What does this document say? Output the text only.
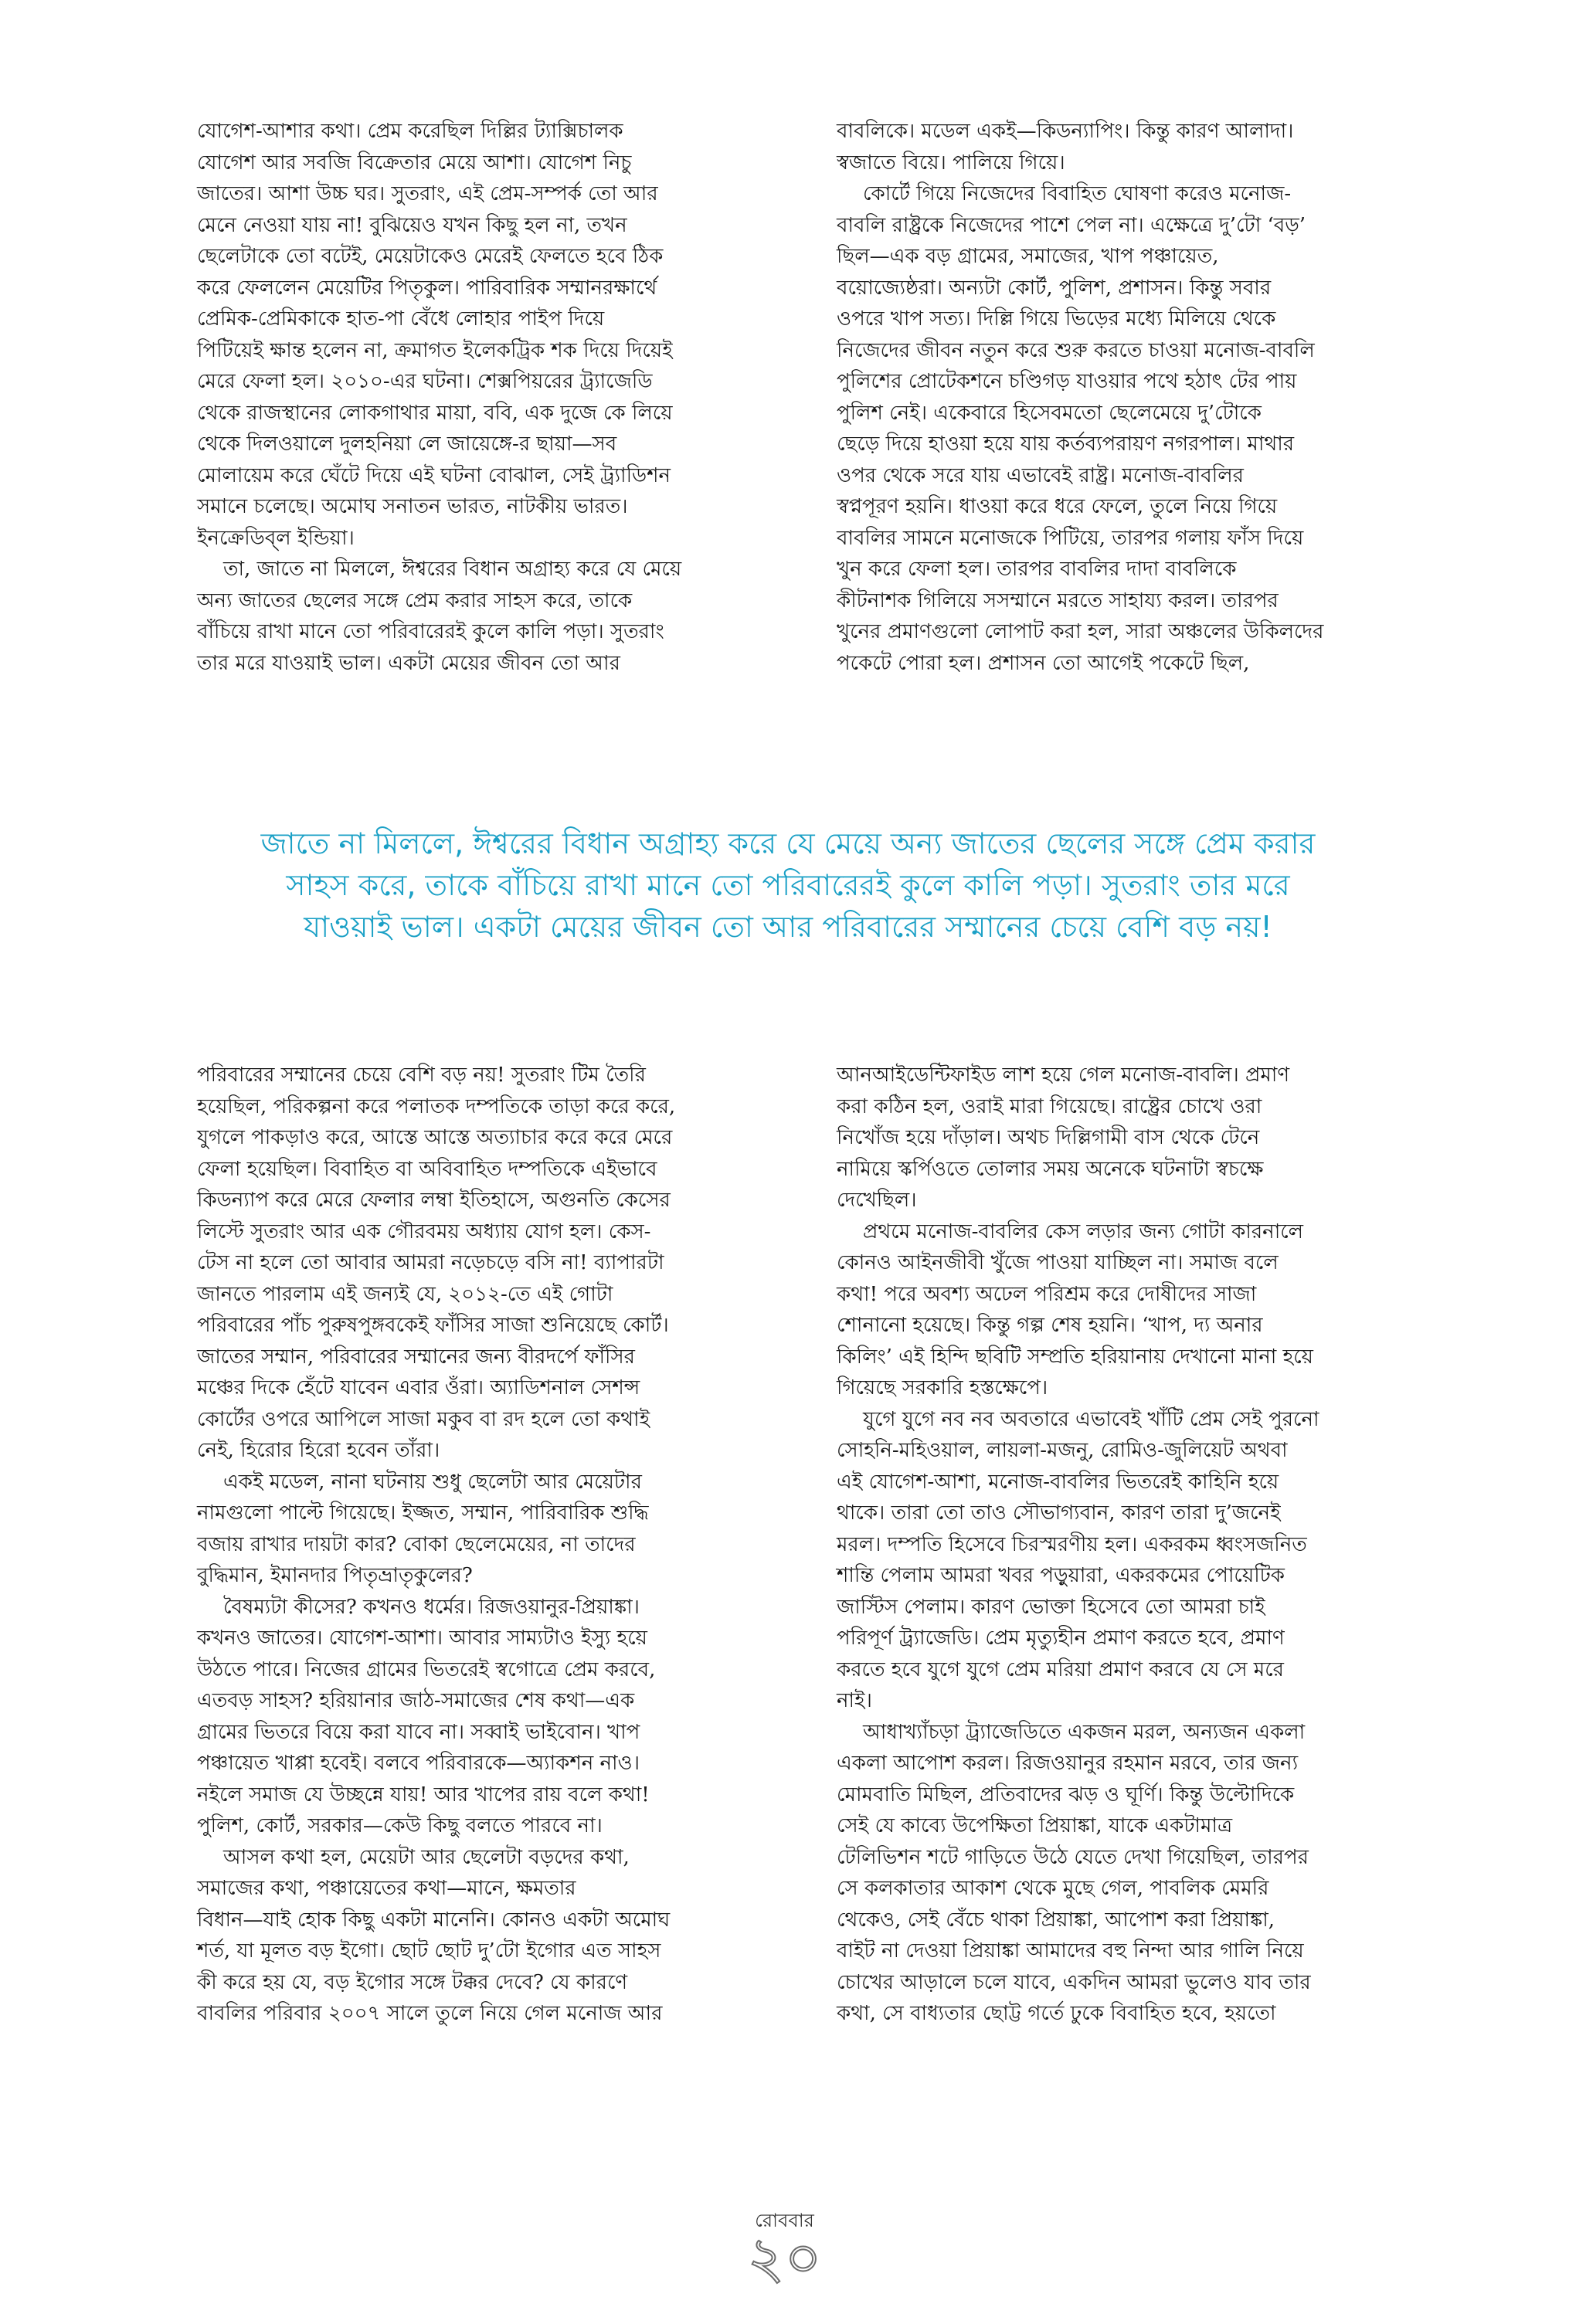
যোগেশ-আশার কথা। প্রেম করেছিল দিল্লির ট্যাক্সিচালক
যোগেশ আর সবজি বিক্রেতার মেয়ে আশা। যোগেশ নিচু
জাতের। আশা উচ্চ ঘর। সুতরাং, এই প্রেম-সম্পর্ক তো আর
মেনে নেওয়া যায় না! বুঝিয়েও যখন কিছু হল না, তখন
ছেলেটাকে তো বটেই, মেয়েটাকেও মেরেই ফেলতে হবে ঠিক
করে ফেললেন মেয়েটির পিতৃকুল। পারিবারিক সম্মানরক্ষার্থে
প্রেমিক-প্রেমিকাকে হাত-পা বেঁধে লোহার পাইপ দিয়ে
পিটিয়েই ক্ষান্ত হলেন না, ক্রমাগত ইলেকট্রিক শক দিয়ে দিয়েই
মেরে ফেলা হল। ২০১০-এর ঘটনা। শেক্সপিয়রের ট্র্যাজেডি
থেকে রাজস্থানের লোকগাথার মায়া, ববি, এক দুজে কে লিয়ে
থেকে দিলওয়ালে দুলহনিয়া লে জায়েঙ্গে-র ছায়া—সব
মোলায়েম করে ঘেঁটে দিয়ে এই ঘটনা বোঝাল, সেই ট্র্যাডিশন
সমানে চলেছে। অমোঘ সনাতন ভারত, নাটকীয় ভারত।
ইনক্রেডিব্‌ল ইন্ডিয়া।

তা, জাতে না মিললে, ঈশ্বরের বিধান অগ্রাহ্য করে যে মেয়ে
অন্য জাতের ছেলের সঙ্গে প্রেম করার সাহস করে, তাকে
বাঁচিয়ে রাখা মানে তো পরিবারেরই কুলে কালি পড়া। সুতরাং
তার মরে যাওয়াই ভাল। একটা মেয়ের জীবন তো আর

বাবলিকে। মডেল একই—কিডন্যাপিং। কিন্তু কারণ আলাদা।
স্বজাতে বিয়ে। পালিয়ে গিয়ে।

কোর্টে গিয়ে নিজেদের বিবাহিত ঘোষণা করেও মনোজ-
বাবলি রাষ্ট্রকে নিজেদের পাশে পেল না। এক্ষেত্রে দু’টো ‘বড়’
ছিল—এক বড় গ্রামের, সমাজের, খাপ পঞ্চায়েত,
বয়োজ্যেষ্ঠরা। অন্যটা কোর্ট, পুলিশ, প্রশাসন। কিন্তু সবার
ওপরে খাপ সত্য। দিল্লি গিয়ে ভিড়ের মধ্যে মিলিয়ে থেকে
নিজেদের জীবন নতুন করে শুরু করতে চাওয়া মনোজ-বাবলি
পুলিশের প্রোটেকশনে চণ্ডিগড় যাওয়ার পথে হঠাৎ টের পায়
পুলিশ নেই। একেবারে হিসেবমতো ছেলেমেয়ে দু’টোকে
ছেড়ে দিয়ে হাওয়া হয়ে যায় কর্তব্যপরায়ণ নগরপাল। মাথার
ওপর থেকে সরে যায় এভাবেই রাষ্ট্র। মনোজ-বাবলির
স্বপ্নপূরণ হয়নি। ধাওয়া করে ধরে ফেলে, তুলে নিয়ে গিয়ে
বাবলির সামনে মনোজকে পিটিয়ে, তারপর গলায় ফাঁস দিয়ে
খুন করে ফেলা হল। তারপর বাবলির দাদা বাবলিকে
কীটনাশক গিলিয়ে সসম্মানে মরতে সাহায্য করল। তারপর
খুনের প্রমাণগুলো লোপাট করা হল, সারা অঞ্চলের উকিলদের
পকেটে পোরা হল। প্রশাসন তো আগেই পকেটে ছিল,

জাতে না মিললে, ঈশ্বরের বিধান অগ্রাহ্য করে যে মেয়ে অন্য জাতের ছেলের সঙ্গে প্রেম করার
সাহস করে, তাকে বাঁচিয়ে রাখা মানে তো পরিবারেরই কুলে কালি পড়া। সুতরাং তার মরে
যাওয়াই ভাল। একটা মেয়ের জীবন তো আর পরিবারের সম্মানের চেয়ে বেশি বড় নয়!

পরিবারের সম্মানের চেয়ে বেশি বড় নয়! সুতরাং টিম তৈরি
হয়েছিল, পরিকল্পনা করে পলাতক দম্পতিকে তাড়া করে করে,
যুগলে পাকড়াও করে, আস্তে আস্তে অত্যাচার করে করে মেরে
ফেলা হয়েছিল। বিবাহিত বা অবিবাহিত দম্পতিকে এইভাবে
কিডন্যাপ করে মেরে ফেলার লম্বা ইতিহাসে, অগুনতি কেসের
লিস্টে সুতরাং আর এক গৌরবময় অধ্যায় যোগ হল। কেস-
টেস না হলে তো আবার আমরা নড়েচড়ে বসি না! ব্যাপারটা
জানতে পারলাম এই জন্যই যে, ২০১২-তে এই গোটা
পরিবারের পাঁচ পুরুষপুঙ্গবকেই ফাঁসির সাজা শুনিয়েছে কোর্ট।
জাতের সম্মান, পরিবারের সম্মানের জন্য বীরদর্পে ফাঁসির
মঞ্চের দিকে হেঁটে যাবেন এবার ওঁরা। অ্যাডিশনাল সেশন্স
কোর্টের ওপরে আপিলে সাজা মকুব বা রদ হলে তো কথাই
নেই, হিরোর হিরো হবেন তাঁরা।

একই মডেল, নানা ঘটনায় শুধু ছেলেটা আর মেয়েটার
নামগুলো পাল্টে গিয়েছে। ইজ্জত, সম্মান, পারিবারিক শুদ্ধি
বজায় রাখার দায়টা কার? বোকা ছেলেমেয়ের, না তাদের
বুদ্ধিমান, ইমানদার পিতৃভ্রাতৃকুলের?

বৈষম্যটা কীসের? কখনও ধর্মের। রিজওয়ানুর-প্রিয়াঙ্কা।
কখনও জাতের। যোগেশ-আশা। আবার সাম্যটাও ইস্যু হয়ে
উঠতে পারে। নিজের গ্রামের ভিতরেই স্বগোত্রে প্রেম করবে,
এতবড় সাহস? হরিয়ানার জাঠ-সমাজের শেষ কথা—এক
গ্রামের ভিতরে বিয়ে করা যাবে না। সব্বাই ভাইবোন। খাপ
পঞ্চায়েত খাপ্পা হবেই। বলবে পরিবারকে—অ্যাকশন নাও।
নইলে সমাজ যে উচ্ছন্নে যায়! আর খাপের রায় বলে কথা!
পুলিশ, কোর্ট, সরকার—কেউ কিছু বলতে পারবে না।

আসল কথা হল, মেয়েটা আর ছেলেটা বড়দের কথা,
সমাজের কথা, পঞ্চায়েতের কথা—মানে, ক্ষমতার
বিধান—যাই হোক কিছু একটা মানেনি। কোনও একটা অমোঘ
শর্ত, যা মূলত বড় ইগো। ছোট ছোট দু’টো ইগোর এত সাহস
কী করে হয় যে, বড় ইগোর সঙ্গে টক্কর দেবে? যে কারণে
বাবলির পরিবার ২০০৭ সালে তুলে নিয়ে গেল মনোজ আর

আনআইডেন্টিফাইড লাশ হয়ে গেল মনোজ-বাবলি। প্রমাণ
করা কঠিন হল, ওরাই মারা গিয়েছে। রাষ্ট্রের চোখে ওরা
নিখোঁজ হয়ে দাঁড়াল। অথচ দিল্লিগামী বাস থেকে টেনে
নামিয়ে স্কর্পিওতে তোলার সময় অনেকে ঘটনাটা স্বচক্ষে
দেখেছিল।

প্রথমে মনোজ-বাবলির কেস লড়ার জন্য গোটা কারনালে
কোনও আইনজীবী খুঁজে পাওয়া যাচ্ছিল না। সমাজ বলে
কথা! পরে অবশ্য অঢেল পরিশ্রম করে দোষীদের সাজা
শোনানো হয়েছে। কিন্তু গল্প শেষ হয়নি। ‘খাপ, দ্য অনার
কিলিং’ এই হিন্দি ছবিটি সম্প্রতি হরিয়ানায় দেখানো মানা হয়ে
গিয়েছে সরকারি হস্তক্ষেপে।

যুগে যুগে নব নব অবতারে এভাবেই খাঁটি প্রেম সেই পুরনো
সোহনি-মহিওয়াল, লায়লা-মজনু, রোমিও-জুলিয়েট অথবা
এই যোগেশ-আশা, মনোজ-বাবলির ভিতরেই কাহিনি হয়ে
থাকে। তারা তো তাও সৌভাগ্যবান, কারণ তারা দু’জনেই
মরল। দম্পতি হিসেবে চিরস্মরণীয় হল। একরকম ধ্বংসজনিত
শান্তি পেলাম আমরা খবর পড়ুয়ারা, একরকমের পোয়েটিক
জাস্টিস পেলাম। কারণ ভোক্তা হিসেবে তো আমরা চাই
পরিপূর্ণ ট্র্যাজেডি। প্রেম মৃত্যুহীন প্রমাণ করতে হবে, প্রমাণ
করতে হবে যুগে যুগে প্রেম মরিয়া প্রমাণ করবে যে সে মরে
নাই।

আধাখ্যাঁচড়া ট্র্যাজেডিতে একজন মরল, অন্যজন একলা
একলা আপোশ করল। রিজওয়ানুর রহমান মরবে, তার জন্য
মোমবাতি মিছিল, প্রতিবাদের ঝড় ও ঘূর্ণি। কিন্তু উল্টোদিকে
সেই যে কাব্যে উপেক্ষিতা প্রিয়াঙ্কা, যাকে একটামাত্র
টেলিভিশন শটে গাড়িতে উঠে যেতে দেখা গিয়েছিল, তারপর
সে কলকাতার আকাশ থেকে মুছে গেল, পাবলিক মেমরি
থেকেও, সেই বেঁচে থাকা প্রিয়াঙ্কা, আপোশ করা প্রিয়াঙ্কা,
বাইট না দেওয়া প্রিয়াঙ্কা আমাদের বহু নিন্দা আর গালি নিয়ে
চোখের আড়ালে চলে যাবে, একদিন আমরা ভুলেও যাব তার
কথা, সে বাধ্যতার ছোট্ট গর্তে ঢুকে বিবাহিত হবে, হয়তো

রোববার
২০
